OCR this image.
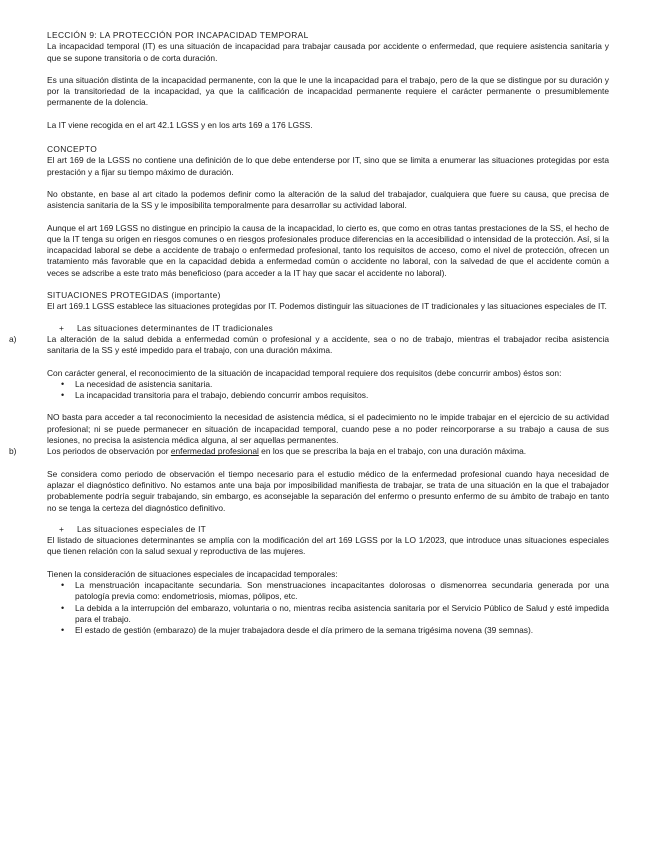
LECCIÓN 9: LA PROTECCIÓN POR INCAPACIDAD TEMPORAL

La incapacidad temporal (IT) es una situación de incapacidad para trabajar causada por accidente o enfermedad, que requiere asistencia sanitaria y que se supone transitoria o de corta duración.

Es una situación distinta de la incapacidad permanente, con la que le une la incapacidad para el trabajo, pero de la que se distingue por su duración y por la transitoriedad de la incapacidad, ya que la calificación de incapacidad permanente requiere el carácter permanente o presumiblemente permanente de la dolencia.

La IT viene recogida en el art 42.1 LGSS y en los arts 169 a 176 LGSS.

CONCEPTO

El art 169 de la LGSS no contiene una definición de lo que debe entenderse por IT, sino que se limita a enumerar las situaciones protegidas por esta prestación y a fijar su tiempo máximo de duración.

No obstante, en base al art citado la podemos definir como la alteración de la salud del trabajador, cualquiera que fuere su causa, que precisa de asistencia sanitaria de la SS y le imposibilita temporalmente para desarrollar su actividad laboral.

Aunque el art 169 LGSS no distingue en principio la causa de la incapacidad, lo cierto es, que como en otras tantas prestaciones de la SS, el hecho de que la IT tenga su origen en riesgos comunes o en riesgos profesionales produce diferencias en la accesibilidad o intensidad de la protección. Así, si la incapacidad laboral se debe a accidente de trabajo o enfermedad profesional, tanto los requisitos de acceso, como el nivel de protección, ofrecen un tratamiento más favorable que en la capacidad debida a enfermedad común o accidente no laboral, con la salvedad de que el accidente común a veces se adscribe a este trato más beneficioso (para acceder a la IT hay que sacar el accidente no laboral).

SITUACIONES PROTEGIDAS (importante)

El art 169.1 LGSS establece las situaciones protegidas por IT. Podemos distinguir las situaciones de IT tradicionales y las situaciones especiales de IT.

+ Las situaciones determinantes de IT tradicionales
a)	La alteración de la salud debida a enfermedad común o profesional y a accidente, sea o no de trabajo, mientras el trabajador reciba asistencia sanitaria de la SS y esté impedido para el trabajo, con una duración máxima.

Con carácter general, el reconocimiento de la situación de incapacidad temporal requiere dos requisitos (debe concurrir ambos) éstos son:

• La necesidad de asistencia sanitaria.
• La incapacidad transitoria para el trabajo, debiendo concurrir ambos requisitos.

NO basta para acceder a tal reconocimiento la necesidad de asistencia médica, si el padecimiento no le impide trabajar en el ejercicio de su actividad profesional; ni se puede permanecer en situación de incapacidad temporal, cuando pese a no poder reincorporarse a su trabajo a causa de sus lesiones, no precisa la asistencia médica alguna, al ser aquellas permanentes.

b)	Los periodos de observación por enfermedad profesional en los que se prescriba la baja en el trabajo, con una duración máxima.

Se considera como periodo de observación el tiempo necesario para el estudio médico de la enfermedad profesional cuando haya necesidad de aplazar el diagnóstico definitivo. No estamos ante una baja por imposibilidad manifiesta de trabajar, se trata de una situación en la que el trabajador probablemente podría seguir trabajando, sin embargo, es aconsejable la separación del enfermo o presunto enfermo de su ámbito de trabajo en tanto no se tenga la certeza del diagnóstico definitivo.

+ Las situaciones especiales de IT

El listado de situaciones determinantes se amplía con la modificación del art 169 LGSS por la LO 1/2023, que introduce unas situaciones especiales que tienen relación con la salud sexual y reproductiva de las mujeres.

Tienen la consideración de situaciones especiales de incapacidad temporales:

• La menstruación incapacitante secundaria. Son menstruaciones incapacitantes dolorosas o dismenorrea secundaria generada por una patología previa como: endometriosis, miomas, pólipos, etc.
• La debida a la interrupción del embarazo, voluntaria o no, mientras reciba asistencia sanitaria por el Servicio Público de Salud y esté impedida para el trabajo.
• El estado de gestión (embarazo) de la mujer trabajadora desde el día primero de la semana trigésima novena (39 semnas).
